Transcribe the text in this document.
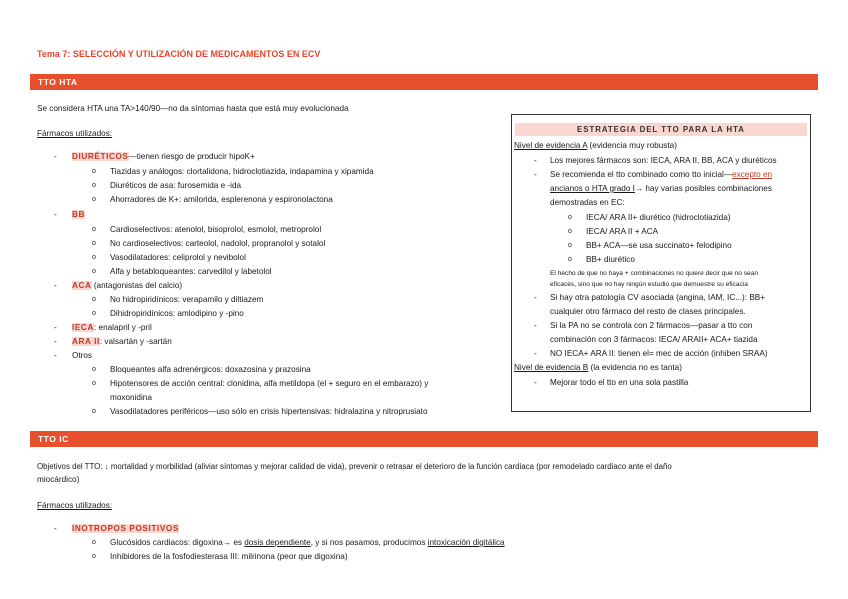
Tema 7: SELECCIÓN Y UTILIZACIÓN DE MEDICAMENTOS EN ECV
TTO HTA
Se considera HTA una TA>140/90—no da síntomas hasta que está muy evolucionada
Fármacos utilizados:
- DIURÉTICOS—tienen riesgo de producir hipoK+
o Tiazidas y análogos: clortalidona, hidroclotiazida, indapamina y xipamida
o Diuréticos de asa: furosemida e -ida
o Ahorradores de K+: amilorida, esplerenona y espironolactona
- BB
o Cardioselectivos: atenolol, bisoprolol, esmolol, metroprolol
o No cardioselectivos: carteolol, nadolol, propranolol y sotalol
o Vasodilatadores: celiprolol y nevibolol
o Alfa y betabloqueantes: carvedilol y labetolol
- ACA (antagonistas del calcio)
o No hidropiridínicos: verapamilo y diltiazem
o Dihidropiridínicos: amlodipino y -pino
- IECA: enalapril y -pril
- ARA II: valsartán y -sartán
- Otros
o Bloqueantes alfa adrenérgicos: doxazosina y prazosina
o Hipotensores de acción central: clonidina, alfa metildopa (el + seguro en el embarazo) y
moxonidina
o Vasodilatadores periféricos—uso sólo en crisis hipertensivas: hidralazina y nitroprusiato
ESTRATEGIA DEL TTO PARA LA HTA
Nivel de evidencia A (evidencia muy robusta)
- Los mejores fármacos son: IECA, ARA II, BB, ACA y diuréticos
- Se recomienda el tto combinado como tto inicial—excepto en
ancianos o HTA grado I→ hay varias posibles combinaciones
demostradas en EC:
o IECA/ ARA II+ diurético (hidroclotiazida)
o IECA/ ARA II + ACA
o BB+ ACA—se usa succinato+ felodipino
o BB+ diurético
El hecho de que no haya + combinaciones no quiere decir que no sean
eficaces, sino que no hay ningún estudio que demuestre su eficacia
- Si hay otra patología CV asociada (angina, IAM, IC...): BB+
cualquier otro fármaco del resto de clases principales.
- Si la PA no se controla con 2 fármacos—pasar a tto con
combinación con 3 fármacos: IECA/ ARAII+ ACA+ tiazida
- NO IECA+ ARA II: tienen el= mec de acción (inhiben SRAA)
Nivel de evidencia B (la evidencia no es tanta)
- Mejorar todo el tto en una sola pastilla
TTO IC
Objetivos del TTO: ↓ mortalidad y morbilidad (aliviar síntomas y mejorar calidad de vida), prevenir o retrasar el deterioro de la función cardiaca (por remodelado cardiaco ante el daño
miocárdico)
Fármacos utilizados:
- INOTROPOS POSITIVOS
o Glucósidos cardiacos: digoxina→ es dosis dependiente, y si nos pasamos, producimos intoxicación digitálica
o Inhibidores de la fosfodiesterasa III: milrinona (peor que digoxina)
